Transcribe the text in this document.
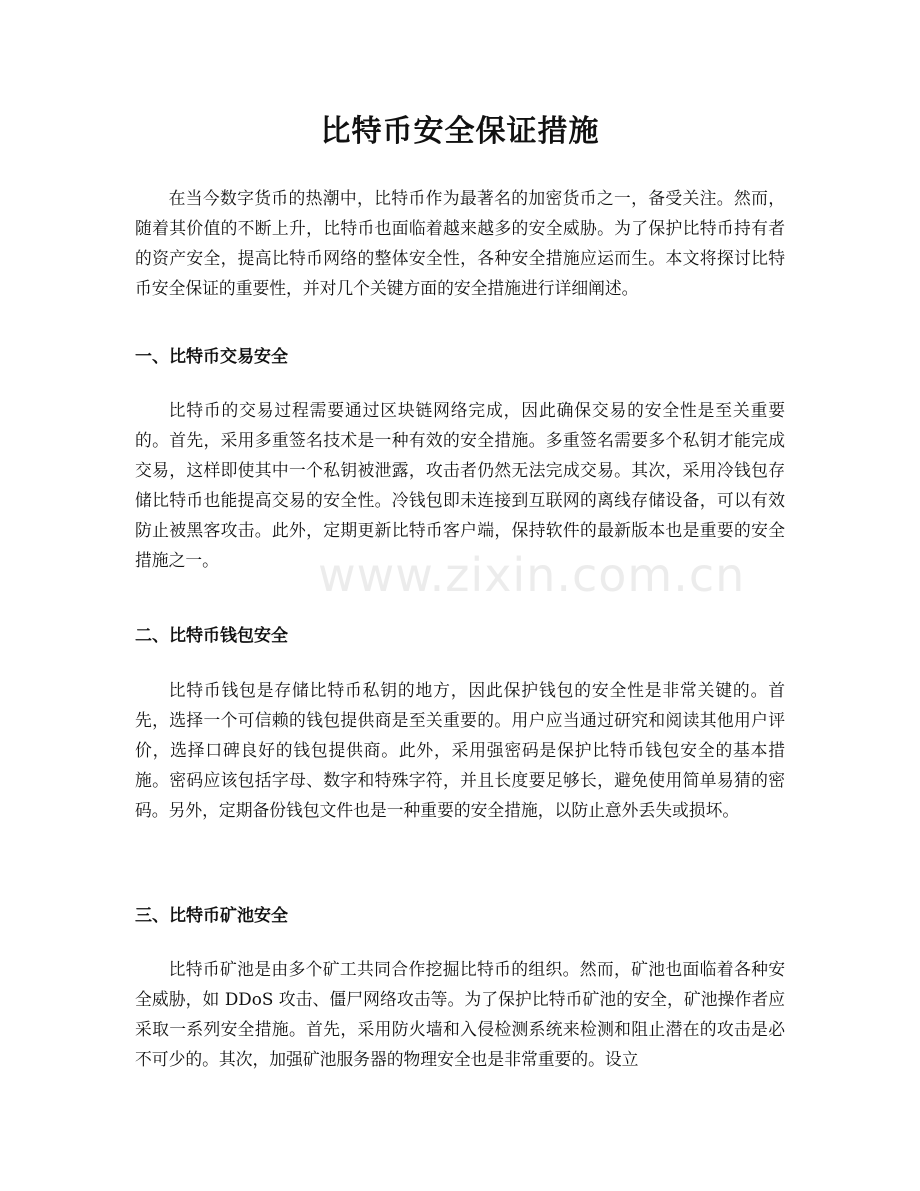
比特币安全保证措施

在当今数字货币的热潮中，比特币作为最著名的加密货币之一，备受关注。然而，随着其价值的不断上升，比特币也面临着越来越多的安全威胁。为了保护比特币持有者的资产安全，提高比特币网络的整体安全性，各种安全措施应运而生。本文将探讨比特币安全保证的重要性，并对几个关键方面的安全措施进行详细阐述。

一、比特币交易安全

比特币的交易过程需要通过区块链网络完成，因此确保交易的安全性是至关重要的。首先，采用多重签名技术是一种有效的安全措施。多重签名需要多个私钥才能完成交易，这样即使其中一个私钥被泄露，攻击者仍然无法完成交易。其次，采用冷钱包存储比特币也能提高交易的安全性。冷钱包即未连接到互联网的离线存储设备，可以有效防止被黑客攻击。此外，定期更新比特币客户端，保持软件的最新版本也是重要的安全措施之一。

二、比特币钱包安全

比特币钱包是存储比特币私钥的地方，因此保护钱包的安全性是非常关键的。首先，选择一个可信赖的钱包提供商是至关重要的。用户应当通过研究和阅读其他用户评价，选择口碑良好的钱包提供商。此外，采用强密码是保护比特币钱包安全的基本措施。密码应该包括字母、数字和特殊字符，并且长度要足够长，避免使用简单易猜的密码。另外，定期备份钱包文件也是一种重要的安全措施，以防止意外丢失或损坏。

三、比特币矿池安全

比特币矿池是由多个矿工共同合作挖掘比特币的组织。然而，矿池也面临着各种安全威胁，如 DDoS 攻击、僵尸网络攻击等。为了保护比特币矿池的安全，矿池操作者应采取一系列安全措施。首先，采用防火墙和入侵检测系统来检测和阻止潜在的攻击是必不可少的。其次，加强矿池服务器的物理安全也是非常重要的。设立

www.zixin.com.cn
